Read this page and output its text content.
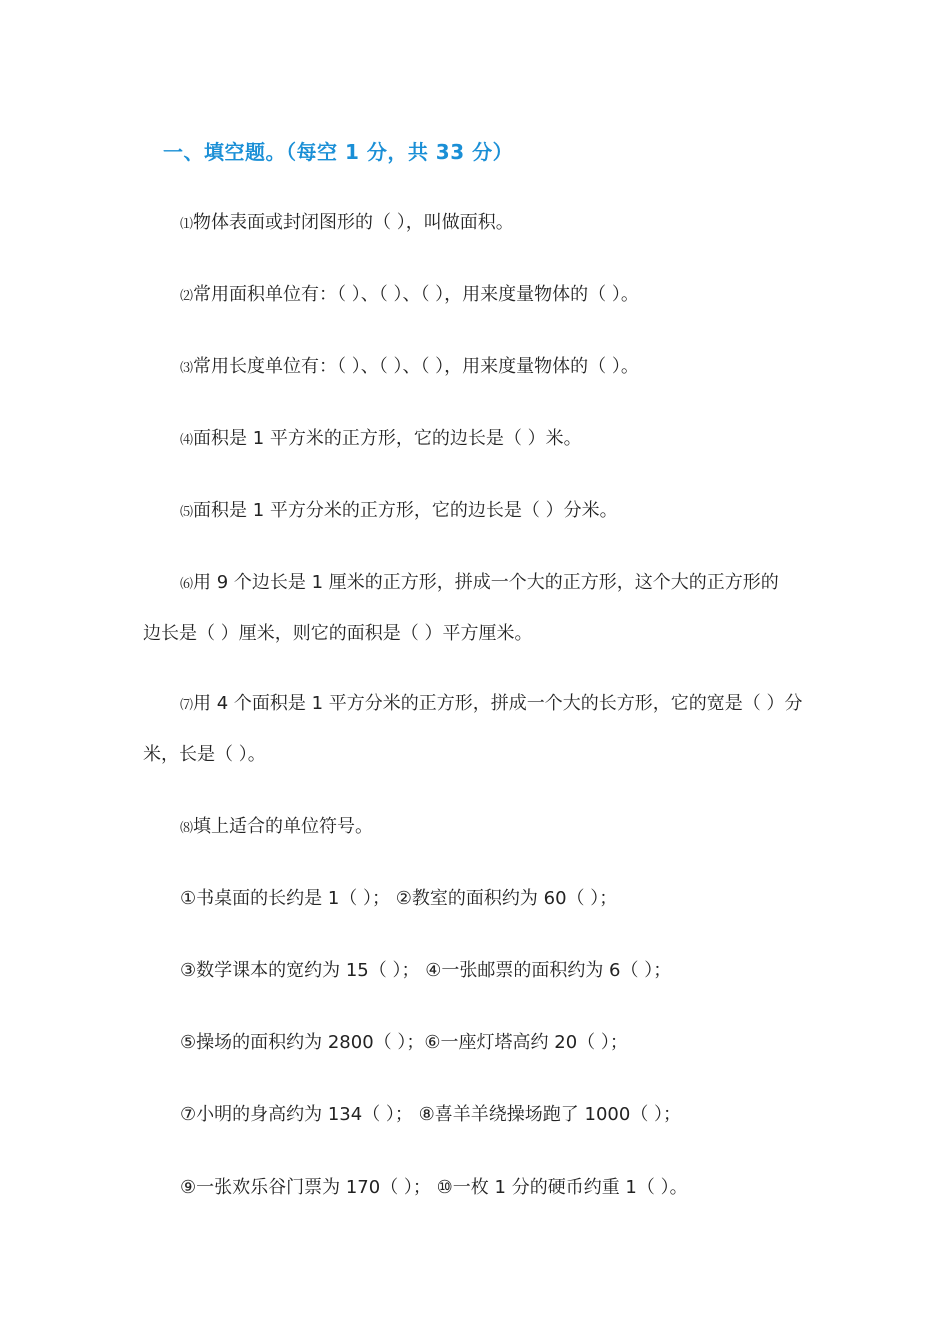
一、填空题。（每空 1 分，共 33 分）
⑴物体表面或封闭图形的（ ），叫做面积。
⑵常用面积单位有：（ ）、（ ）、（ ），用来度量物体的（ ）。
⑶常用长度单位有：（ ）、（ ）、（ ），用来度量物体的（ ）。
⑷面积是 1 平方米的正方形，它的边长是（ ）米。
⑸面积是 1 平方分米的正方形，它的边长是（ ）分米。
⑹用 9 个边长是 1 厘米的正方形，拼成一个大的正方形，这个大的正方形的
边长是（ ）厘米，则它的面积是（ ）平方厘米。
⑺用 4 个面积是 1 平方分米的正方形，拼成一个大的长方形，它的宽是（ ）分
米，长是（ ）。
⑻填上适合的单位符号。
①书桌面的长约是 1（ ）； ②教室的面积约为 60（ ）；
③数学课本的宽约为 15（ ）； ④一张邮票的面积约为 6（ ）；
⑤操场的面积约为 2800（ ）；⑥一座灯塔高约 20（ ）；
⑦小明的身高约为 134（ ）； ⑧喜羊羊绕操场跑了 1000（ ）；
⑨一张欢乐谷门票为 170（ ）； ⑩一枚 1 分的硬币约重 1（ ）。
